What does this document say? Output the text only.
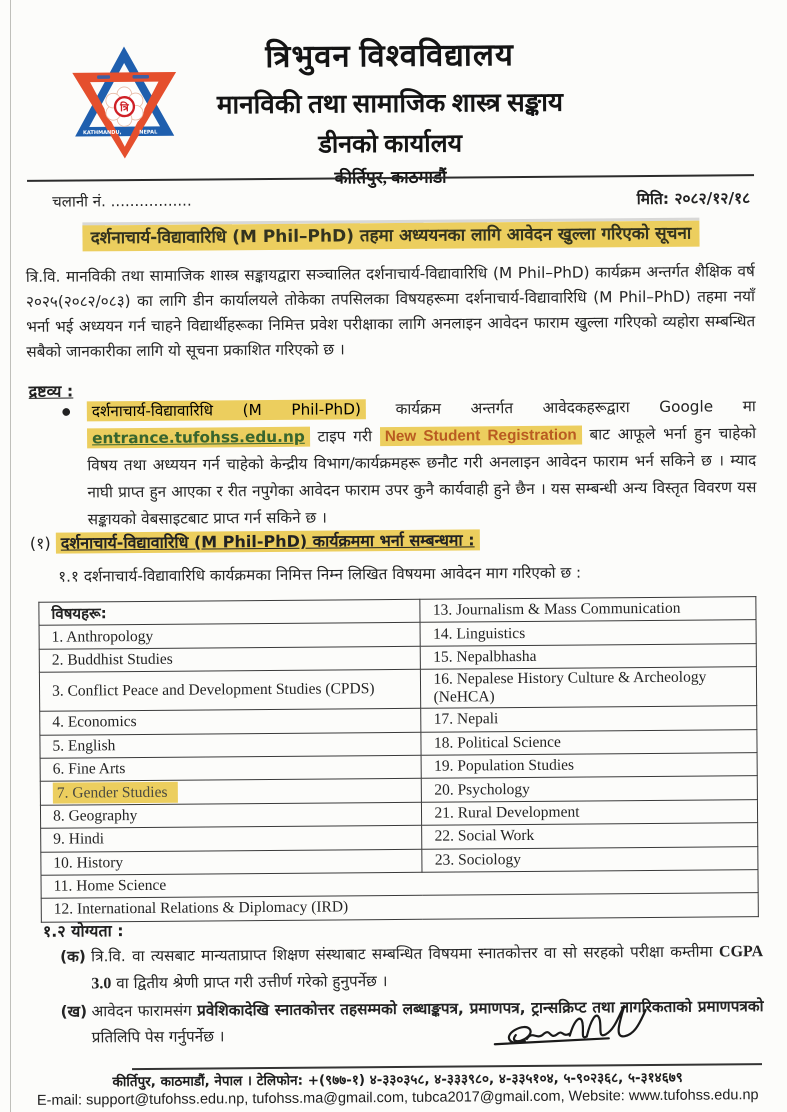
त्रि
KATHMANDU,	NEPAL
त्रिभुवन विश्वविद्यालय
मानविकी तथा सामाजिक शास्त्र सङ्काय
डीनको कार्यालय
चलानी नं. .................	मिति: २०८२/१२/१८
दर्शनाचार्य-विद्यावारिधि (M Phil–PhD) तहमा अध्ययनका लागि आवेदन खुल्ला गरिएको सूचना

त्रि.वि. मानविकी तथा सामाजिक शास्त्र सङ्कायद्वारा सञ्चालित दर्शनाचार्य-विद्यावारिधि (M Phil–PhD) कार्यक्रम अन्तर्गत शैक्षिक वर्ष २०२५(२०८२/०८३) का लागि डीन कार्यालयले तोकेका तपसिलका विषयहरूमा दर्शनाचार्य-विद्यावारिधि (M Phil–PhD) तहमा नयाँ भर्ना भई अध्ययन गर्न चाहने विद्यार्थीहरूका निमित्त प्रवेश परीक्षाका लागि अनलाइन आवेदन फाराम खुल्ला गरिएको व्यहोरा सम्बन्धित सबैको जानकारीका लागि यो सूचना प्रकाशित गरिएको छ ।

द्रष्टव्य :
●	दर्शनाचार्य-विद्यावारिधि (M Phil-PhD) कार्यक्रम अन्तर्गत आवेदकहरूद्वारा Google मा entrance.tufohss.edu.np टाइप गरी New Student Registration बाट आफूले भर्ना हुन चाहेको विषय तथा अध्ययन गर्न चाहेको केन्द्रीय विभाग/कार्यक्रमहरू छनौट गरी अनलाइन आवेदन फाराम भर्न सकिने छ । म्याद नाघी प्राप्त हुन आएका र रीत नपुगेका आवेदन फाराम उपर कुनै कार्यवाही हुने छैन । यस सम्बन्धी अन्य विस्तृत विवरण यस सङ्कायको वेबसाइटबाट प्राप्त गर्न सकिने छ ।

(१) दर्शनाचार्य-विद्यावारिधि (M Phil-PhD) कार्यक्रममा भर्ना सम्बन्धमा :
१.१ दर्शनाचार्य-विद्यावारिधि कार्यक्रमका निमित्त निम्न लिखित विषयमा आवेदन माग गरिएको छ :
विषयहरू:	13. Journalism & Mass Communication
1. Anthropology	14. Linguistics
2. Buddhist Studies	15. Nepalbhasha
3. Conflict Peace and Development Studies (CPDS)	16. Nepalese History Culture & Archeology (NeHCA)
4. Economics	17. Nepali
5. English	18. Political Science
6. Fine Arts	19. Population Studies
7. Gender Studies	20. Psychology
8. Geography	21. Rural Development
9. Hindi	22. Social Work
10. History	23. Sociology
11. Home Science	
12. International Relations & Diplomacy (IRD)	
१.२ योग्यता :
(क) त्रि.वि. वा त्यसबाट मान्यताप्राप्त शिक्षण संस्थाबाट सम्बन्धित विषयमा स्नातकोत्तर वा सो सरहको परीक्षा कम्तीमा CGPA 3.0 वा द्वितीय श्रेणी प्राप्त गरी उत्तीर्ण गरेको हुनुपर्नेछ ।
(ख) आवेदन फारामसंग प्रवेशिकादेखि स्नातकोत्तर तहसम्मको लब्धाङ्कपत्र, प्रमाणपत्र, ट्रान्सक्रिप्ट तथा नागरिकताको प्रमाणपत्रको प्रतिलिपि पेस गर्नुपर्नेछ ।
कीर्तिपुर, काठमाडौं, नेपाल । टेलिफोन: +(९७७-१) ४-३३०३५८, ४-३३३९८०, ४-३३५१०४, ५-९०२३६८, ५-३१४६७९
E-mail: support@tufohss.edu.np, tufohss.ma@gmail.com, tubca2017@gmail.com, Website: www.tufohss.edu.np
